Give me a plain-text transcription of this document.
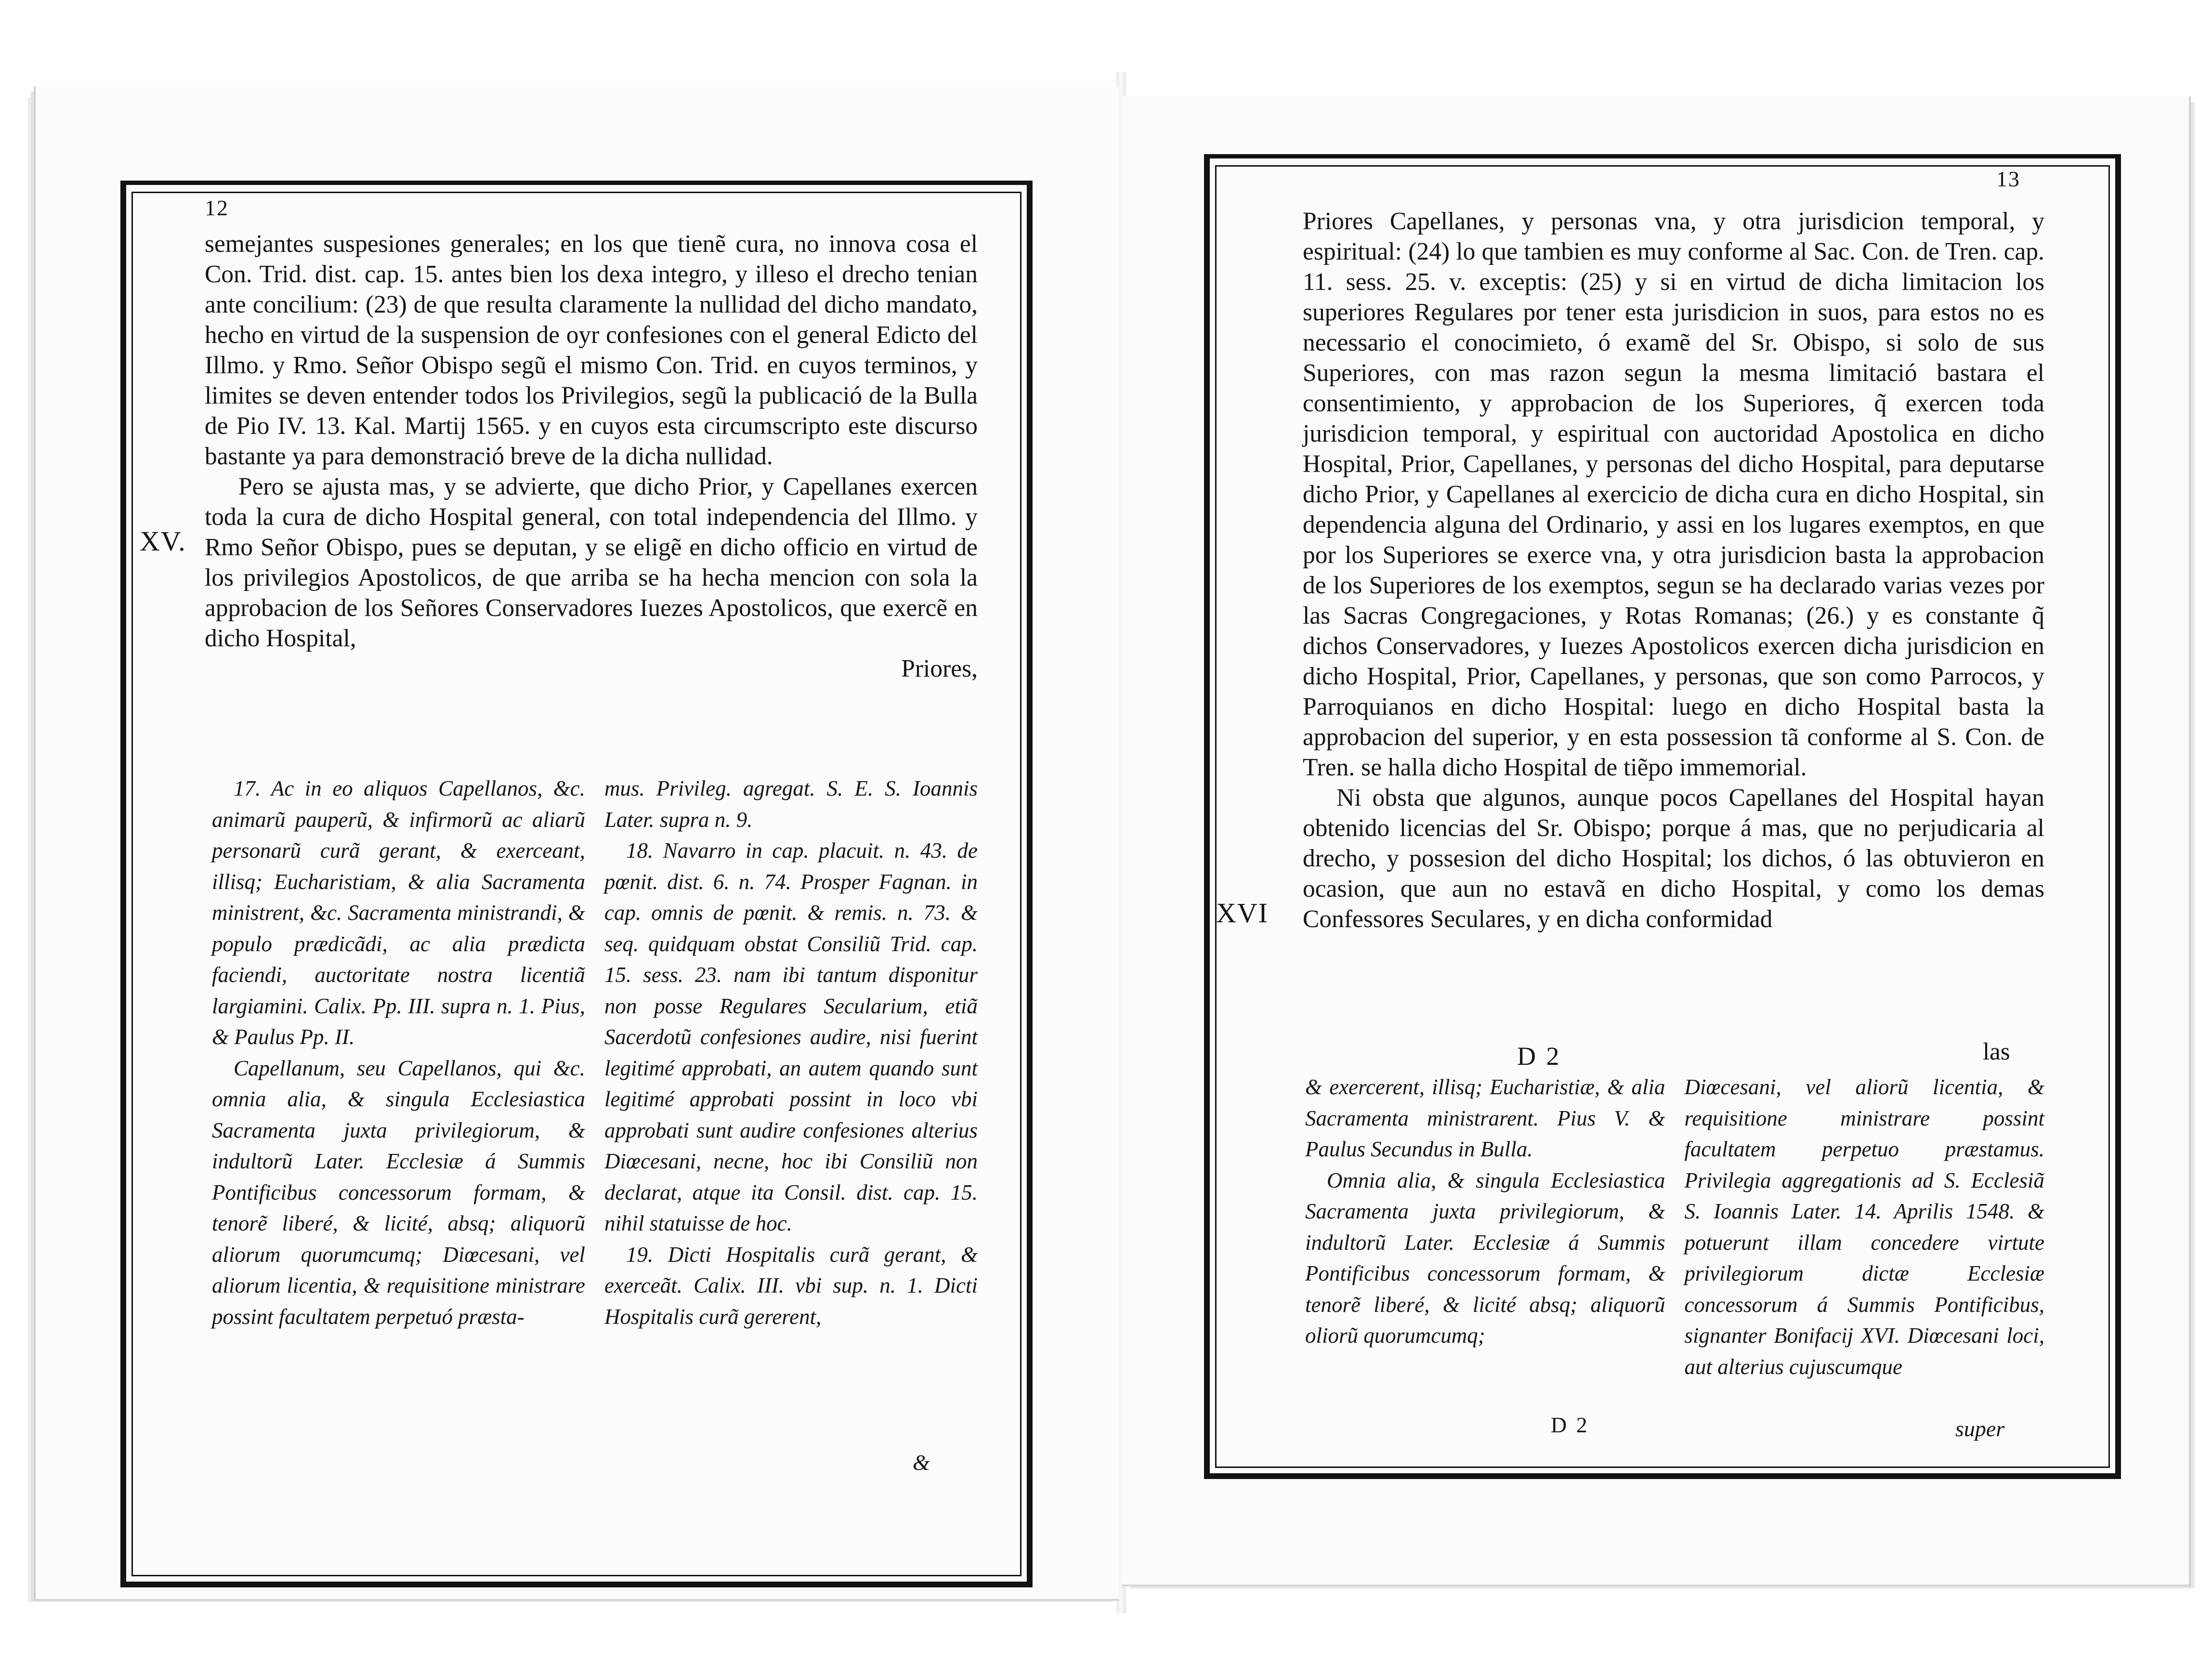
12
13
XV.
XVI

semejantes suspesiones generales; en los que tienẽ cura, no innova cosa el Con. Trid. dist. cap. 15. antes bien los dexa integro, y illeso el drecho tenian ante concilium: (23) de que resulta claramente la nullidad del dicho mandato, hecho en virtud de la suspension de oyr confesiones con el general Edicto del Illmo. y Rmo. Señor Obispo segũ el mismo Con. Trid. en cuyos terminos, y limites se deven entender todos los Privilegios, segũ la publicació de la Bulla de Pio IV. 13. Kal. Martij 1565. y en cuyos esta circumscripto este discurso bastante ya para demonstració breve de la dicha nullidad.

Pero se ajusta mas, y se advierte, que dicho Prior, y Capellanes exercen toda la cura de dicho Hospital general, con total independencia del Illmo. y Rmo Señor Obispo, pues se deputan, y se eligẽ en dicho officio en virtud de los privilegios Apostolicos, de que arriba se ha hecha mencion con sola la approbacion de los Señores Conservadores Iuezes Apostolicos, que exercẽ en dicho Hospital,

Priores,

17. Ac in eo aliquos Capellanos, &c. animarũ pauperũ, & infirmorũ ac aliarũ personarũ curã gerant, & exerceant, illisq; Eucharistiam, & alia Sacramenta ministrent, &c. Sacramenta ministrandi, & populo prædicãdi, ac alia prædicta faciendi, auctoritate nostra licentiã largiamini. Calix. Pp. III. supra n. 1. Pius, & Paulus Pp. II.

Capellanum, seu Capellanos, qui &c. omnia alia, & singula Ecclesiastica Sacramenta juxta privilegiorum, & indultorũ Later. Ecclesiæ á Summis Pontificibus concessorum formam, & tenorẽ liberé, & licité, absq; aliquorũ aliorum quorumcumq; Diœcesani, vel aliorum licentia, & requisitione ministrare possint facultatem perpetuó præsta-

mus. Privileg. agregat. S. E. S. Ioannis Later. supra n. 9.

18. Navarro in cap. placuit. n. 43. de pœnit. dist. 6. n. 74. Prosper Fagnan. in cap. omnis de pœnit. & remis. n. 73. & seq. quidquam obstat Consiliũ Trid. cap. 15. sess. 23. nam ibi tantum disponitur non posse Regulares Secularium, etiã Sacerdotũ confesiones audire, nisi fuerint legitimé approbati, an autem quando sunt legitimé approbati possint in loco vbi approbati sunt audire confesiones alterius Diœcesani, necne, hoc ibi Consiliũ non declarat, atque ita Consil. dist. cap. 15. nihil statuisse de hoc.

19. Dicti Hospitalis curã gerant, & exerceãt. Calix. III. vbi sup. n. 1. Dicti Hospitalis curã gererent,

&

Priores Capellanes, y personas vna, y otra jurisdicion temporal, y espiritual: (24) lo que tambien es muy conforme al Sac. Con. de Tren. cap. 11. sess. 25. v. exceptis: (25) y si en virtud de dicha limitacion los superiores Regulares por tener esta jurisdicion in suos, para estos no es necessario el conocimieto, ó examẽ del Sr. Obispo, si solo de sus Superiores, con mas razon segun la mesma limitació bastara el consentimiento, y approbacion de los Superiores, q̃ exercen toda jurisdicion temporal, y espiritual con auctoridad Apostolica en dicho Hospital, Prior, Capellanes, y personas del dicho Hospital, para deputarse dicho Prior, y Capellanes al exercicio de dicha cura en dicho Hospital, sin dependencia alguna del Ordinario, y assi en los lugares exemptos, en que por los Superiores se exerce vna, y otra jurisdicion basta la approbacion de los Superiores de los exemptos, segun se ha declarado varias vezes por las Sacras Congregaciones, y Rotas Romanas; (26.) y es constante q̃ dichos Conservadores, y Iuezes Apostolicos exercen dicha jurisdicion en dicho Hospital, Prior, Capellanes, y personas, que son como Parrocos, y Parroquianos en dicho Hospital: luego en dicho Hospital basta la approbacion del superior, y en esta possession tã conforme al S. Con. de Tren. se halla dicho Hospital de tiẽpo immemorial.

Ni obsta que algunos, aunque pocos Capellanes del Hospital hayan obtenido licencias del Sr. Obispo; porque á mas, que no perjudicaria al drecho, y possesion del dicho Hospital; los dichos, ó las obtuvieron en ocasion, que aun no estavã en dicho Hospital, y como los demas Confessores Seculares, y en dicha conformidad

D 2	las

& exercerent, illisq; Eucharistiæ, & alia Sacramenta ministrarent. Pius V. & Paulus Secundus in Bulla.

Omnia alia, & singula Ecclesiastica Sacramenta juxta privilegiorum, & indultorũ Later. Ecclesiæ á Summis Pontificibus concessorum formam, & tenorẽ liberé, & licité absq; aliquorũ oliorũ quorumcumq;

Diœcesani, vel aliorũ licentia, & requisitione ministrare possint facultatem perpetuo præstamus. Privilegia aggregationis ad S. Ecclesiã S. Ioannis Later. 14. Aprilis 1548. & potuerunt illam concedere virtute privilegiorum dictæ Ecclesiæ concessorum á Summis Pontificibus, signanter Bonifacij XVI. Diœcesani loci, aut alterius cujuscumque

D 2	super
